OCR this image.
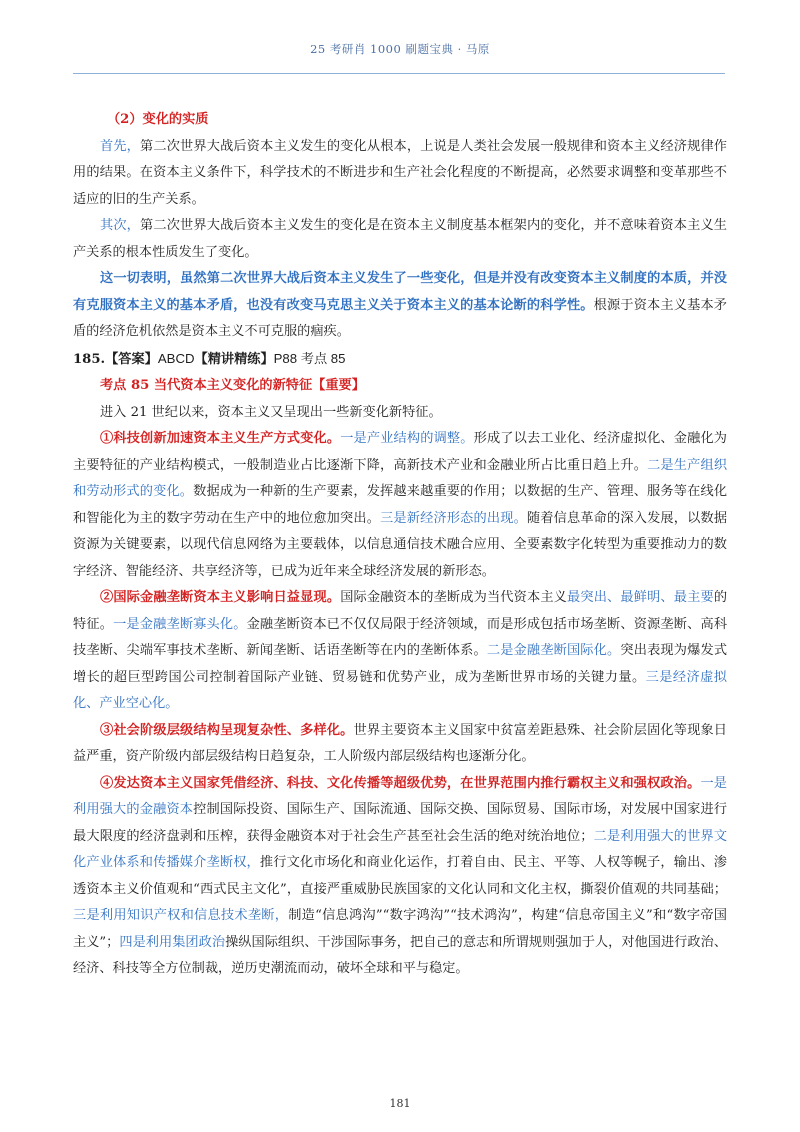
25 考研肖 1000 刷题宝典 · 马原

（2）变化的实质

首先，第二次世界大战后资本主义发生的变化从根本，上说是人类社会发展一般规律和资本主义经济规律作用的结果。在资本主义条件下，科学技术的不断进步和生产社会化程度的不断提高，必然要求调整和变革那些不适应的旧的生产关系。

其次，第二次世界大战后资本主义发生的变化是在资本主义制度基本框架内的变化，并不意味着资本主义生产关系的根本性质发生了变化。

这一切表明，虽然第二次世界大战后资本主义发生了一些变化，但是并没有改变资本主义制度的本质，并没有克服资本主义的基本矛盾，也没有改变马克思主义关于资本主义的基本论断的科学性。根源于资本主义基本矛盾的经济危机依然是资本主义不可克服的痼疾。

185.【答案】ABCD【精讲精练】P88 考点 85

考点 85 当代资本主义变化的新特征【重要】

进入 21 世纪以来，资本主义又呈现出一些新变化新特征。

①科技创新加速资本主义生产方式变化。一是产业结构的调整。形成了以去工业化、经济虚拟化、金融化为主要特征的产业结构模式，一般制造业占比逐渐下降，高新技术产业和金融业所占比重日趋上升。二是生产组织和劳动形式的变化。数据成为一种新的生产要素，发挥越来越重要的作用；以数据的生产、管理、服务等在线化和智能化为主的数字劳动在生产中的地位愈加突出。三是新经济形态的出现。随着信息革命的深入发展，以数据资源为关键要素，以现代信息网络为主要载体，以信息通信技术融合应用、全要素数字化转型为重要推动力的数字经济、智能经济、共享经济等，已成为近年来全球经济发展的新形态。

②国际金融垄断资本主义影响日益显现。国际金融资本的垄断成为当代资本主义最突出、最鲜明、最主要的特征。一是金融垄断寡头化。金融垄断资本已不仅仅局限于经济领域，而是形成包括市场垄断、资源垄断、高科技垄断、尖端军事技术垄断、新闻垄断、话语垄断等在内的垄断体系。二是金融垄断国际化。突出表现为爆发式增长的超巨型跨国公司控制着国际产业链、贸易链和优势产业，成为垄断世界市场的关键力量。三是经济虚拟化、产业空心化。

③社会阶级层级结构呈现复杂性、多样化。世界主要资本主义国家中贫富差距悬殊、社会阶层固化等现象日益严重，资产阶级内部层级结构日趋复杂，工人阶级内部层级结构也逐渐分化。

④发达资本主义国家凭借经济、科技、文化传播等超级优势，在世界范围内推行霸权主义和强权政治。一是利用强大的金融资本控制国际投资、国际生产、国际流通、国际交换、国际贸易、国际市场，对发展中国家进行最大限度的经济盘剥和压榨，获得金融资本对于社会生产甚至社会生活的绝对统治地位；二是利用强大的世界文化产业体系和传播媒介垄断权，推行文化市场化和商业化运作，打着自由、民主、平等、人权等幌子，输出、渗透资本主义价值观和“西式民主文化”，直接严重威胁民族国家的文化认同和文化主权，撕裂价值观的共同基础；三是利用知识产权和信息技术垄断，制造“信息鸿沟”“数字鸿沟”“技术鸿沟”，构建“信息帝国主义”和“数字帝国主义”；四是利用集团政治操纵国际组织、干涉国际事务，把自己的意志和所谓规则强加于人，对他国进行政治、经济、科技等全方位制裁，逆历史潮流而动，破坏全球和平与稳定。

181
